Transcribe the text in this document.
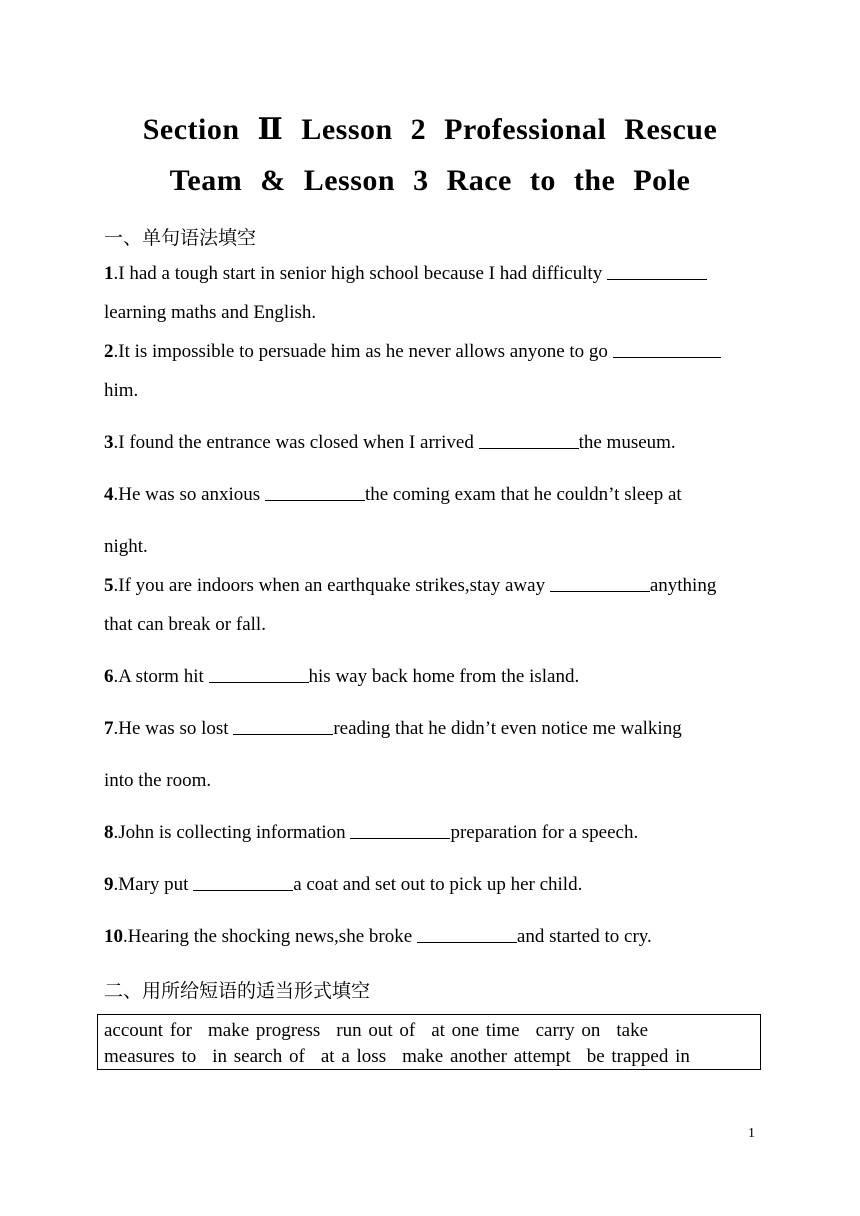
Section Ⅱ Lesson 2 Professional Rescue
Team & Lesson 3 Race to the Pole
一、单句语法填空
1.I had a tough start in senior high school because I had difficulty
learning maths and English.
2.It is impossible to persuade him as he never allows anyone to go
him.
3.I found the entrance was closed when I arrived	the museum.
4.He was so anxious	the coming exam that he couldn’t sleep at
night.
5.If you are indoors when an earthquake strikes,stay away	anything
that can break or fall.
6.A storm hit	his way back home from the island.
7.He was so lost	reading that he didn’t even notice me walking
into the room.
8.John is collecting information	preparation for a speech.
9.Mary put	a coat and set out to pick up her child.
10.Hearing the shocking news,she broke	and started to cry.
二、用所给短语的适当形式填空
account for make progress run out of at one time carry on take
measures to in search of at a loss make another attempt be trapped in
1
